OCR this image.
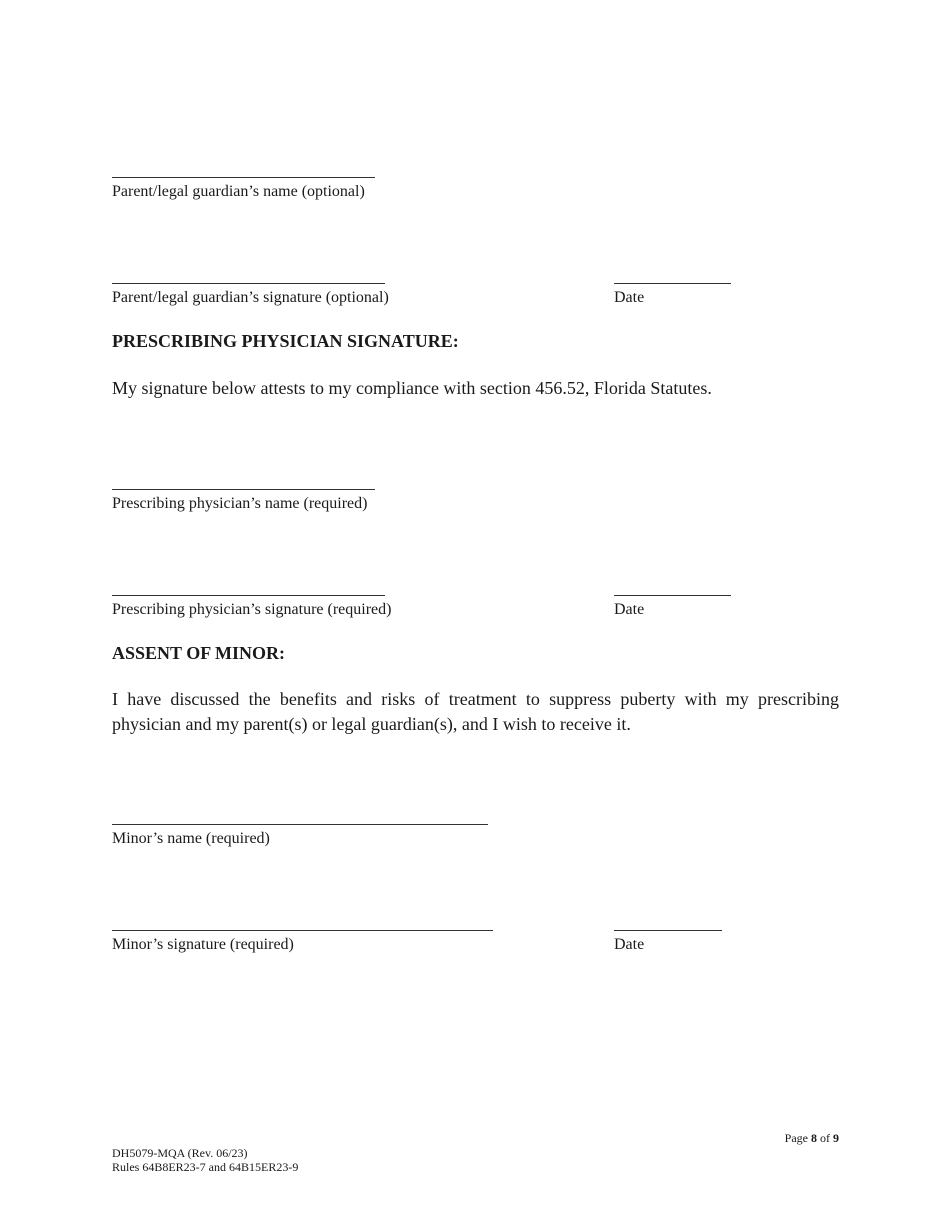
Parent/legal guardian’s name (optional)
Parent/legal guardian’s signature (optional)	Date
PRESCRIBING PHYSICIAN SIGNATURE:
My signature below attests to my compliance with section 456.52, Florida Statutes.
Prescribing physician’s name (required)
Prescribing physician’s signature (required)	Date
ASSENT OF MINOR:
I have discussed the benefits and risks of treatment to suppress puberty with my prescribing physician and my parent(s) or legal guardian(s), and I wish to receive it.
Minor’s name (required)
Minor’s signature (required)	Date
Page 8 of 9
DH5079-MQA (Rev. 06/23)
Rules 64B8ER23-7 and 64B15ER23-9
